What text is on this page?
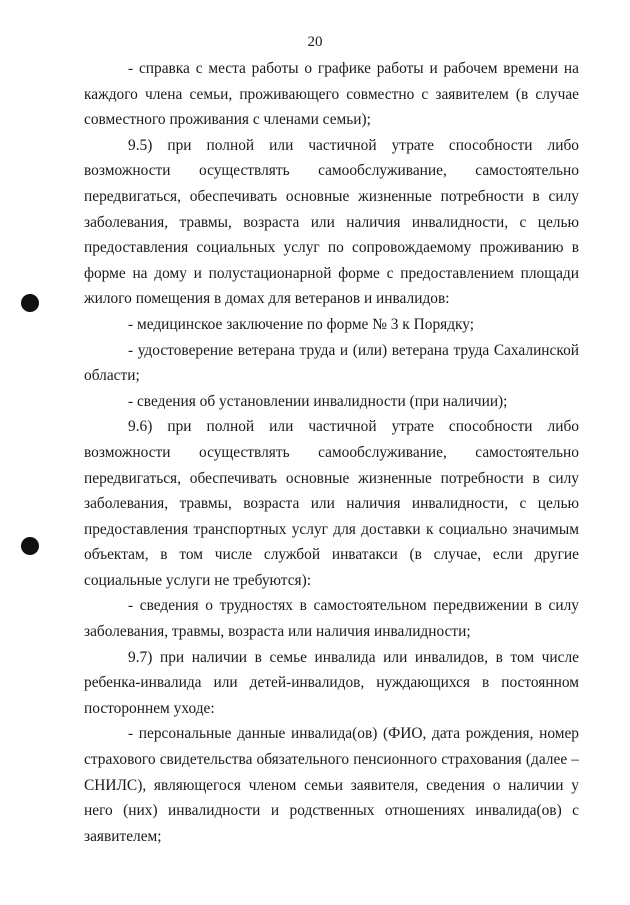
20

- справка с места работы о графике работы и рабочем времени на каждого члена семьи, проживающего совместно с заявителем (в случае совместного проживания с членами семьи);

9.5) при полной или частичной утрате способности либо возможности осуществлять самообслуживание, самостоятельно передвигаться, обеспечивать основные жизненные потребности в силу заболевания, травмы, возраста или наличия инвалидности, с целью предоставления социальных услуг по сопровождаемому проживанию в форме на дому и полустационарной форме с предоставлением площади жилого помещения в домах для ветеранов и инвалидов:

- медицинское заключение по форме № 3 к Порядку;

- удостоверение ветерана труда и (или) ветерана труда Сахалинской области;

- сведения об установлении инвалидности (при наличии);

9.6) при полной или частичной утрате способности либо возможности осуществлять самообслуживание, самостоятельно передвигаться, обеспечивать основные жизненные потребности в силу заболевания, травмы, возраста или наличия инвалидности, с целью предоставления транспортных услуг для доставки к социально значимым объектам, в том числе службой инватакси (в случае, если другие социальные услуги не требуются):

- сведения о трудностях в самостоятельном передвижении в силу заболевания, травмы, возраста или наличия инвалидности;

9.7) при наличии в семье инвалида или инвалидов, в том числе ребенка-инвалида или детей-инвалидов, нуждающихся в постоянном постороннем уходе:

- персональные данные инвалида(ов) (ФИО, дата рождения, номер страхового свидетельства обязательного пенсионного страхования (далее – СНИЛС), являющегося членом семьи заявителя, сведения о наличии у него (них) инвалидности и родственных отношениях инвалида(ов) с заявителем;
